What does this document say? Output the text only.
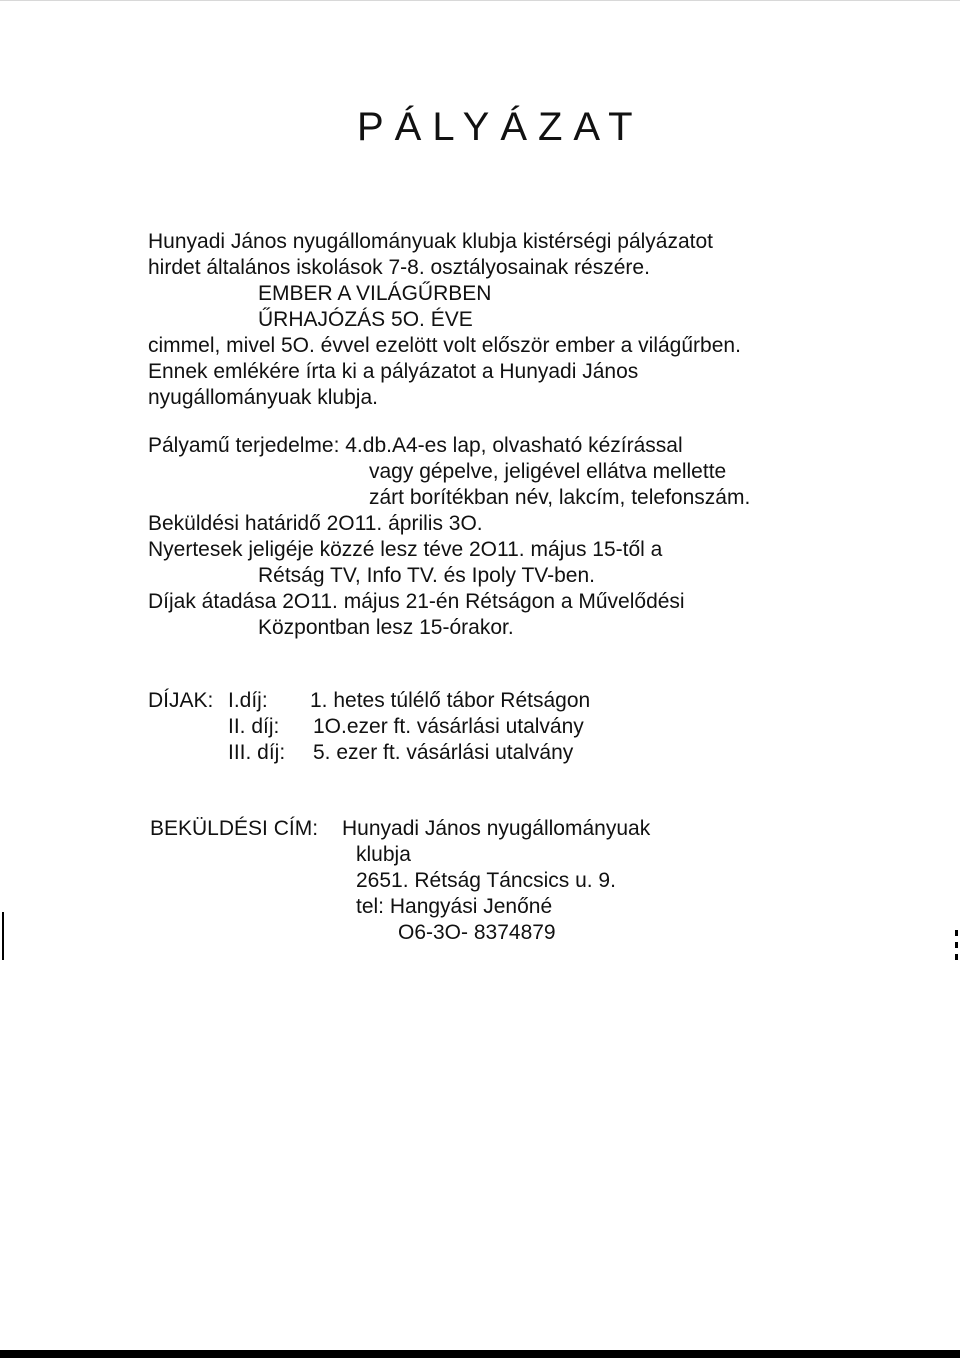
PÁLYÁZAT
Hunyadi János nyugállományuak klubja kistérségi pályázatot
hirdet általános iskolások 7-8. osztályosainak részére.
EMBER A VILÁGŰRBEN
ŰRHAJÓZÁS 5O. ÉVE
cimmel, mivel 5O. évvel ezelött volt először ember a világűrben.
Ennek emlékére írta ki a pályázatot a Hunyadi János
nyugállományuak klubja.
Pályamű terjedelme: 4.db.A4-es lap, olvasható kézírással
vagy gépelve, jeligével ellátva mellette
zárt borítékban név, lakcím, telefonszám.
Beküldési határidő 2O11. április 3O.
Nyertesek jeligéje közzé lesz téve 2O11. május 15-től a
Rétság TV, Info TV. és Ipoly TV-ben.
Díjak átadása 2O11. május 21-én Rétságon a Művelődési
Központban lesz 15-órakor.
DÍJAK: I.díj: 1. hetes túlélő tábor Rétságon
II. díj: 1O.ezer ft. vásárlási utalvány
III. díj: 5. ezer ft. vásárlási utalvány
BEKÜLDÉSI CÍM: Hunyadi János nyugállományuak
klubja
2651. Rétság Táncsics u. 9.
tel: Hangyási Jenőné
O6-3O- 8374879
